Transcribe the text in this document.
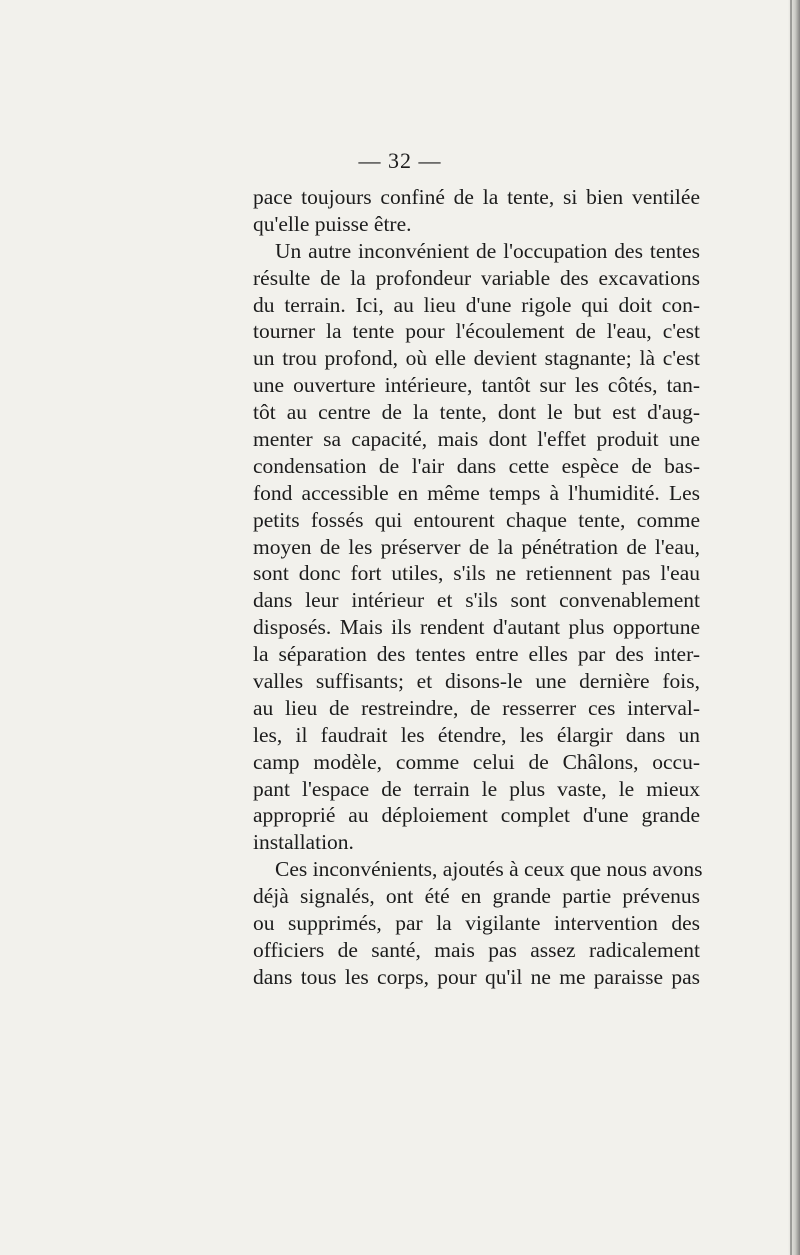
— 32 —
pace toujours confiné de la tente, si bien ventilée
qu'elle puisse être.
Un autre inconvénient de l'occupation des tentes
résulte de la profondeur variable des excavations
du terrain. Ici, au lieu d'une rigole qui doit con-
tourner la tente pour l'écoulement de l'eau, c'est
un trou profond, où elle devient stagnante; là c'est
une ouverture intérieure, tantôt sur les côtés, tan-
tôt au centre de la tente, dont le but est d'aug-
menter sa capacité, mais dont l'effet produit une
condensation de l'air dans cette espèce de bas-
fond accessible en même temps à l'humidité. Les
petits fossés qui entourent chaque tente, comme
moyen de les préserver de la pénétration de l'eau,
sont donc fort utiles, s'ils ne retiennent pas l'eau
dans leur intérieur et s'ils sont convenablement
disposés. Mais ils rendent d'autant plus opportune
la séparation des tentes entre elles par des inter-
valles suffisants; et disons-le une dernière fois,
au lieu de restreindre, de resserrer ces interval-
les, il faudrait les étendre, les élargir dans un
camp modèle, comme celui de Châlons, occu-
pant l'espace de terrain le plus vaste, le mieux
approprié au déploiement complet d'une grande
installation.
Ces inconvénients, ajoutés à ceux que nous avons
déjà signalés, ont été en grande partie prévenus
ou supprimés, par la vigilante intervention des
officiers de santé, mais pas assez radicalement
dans tous les corps, pour qu'il ne me paraisse pas
